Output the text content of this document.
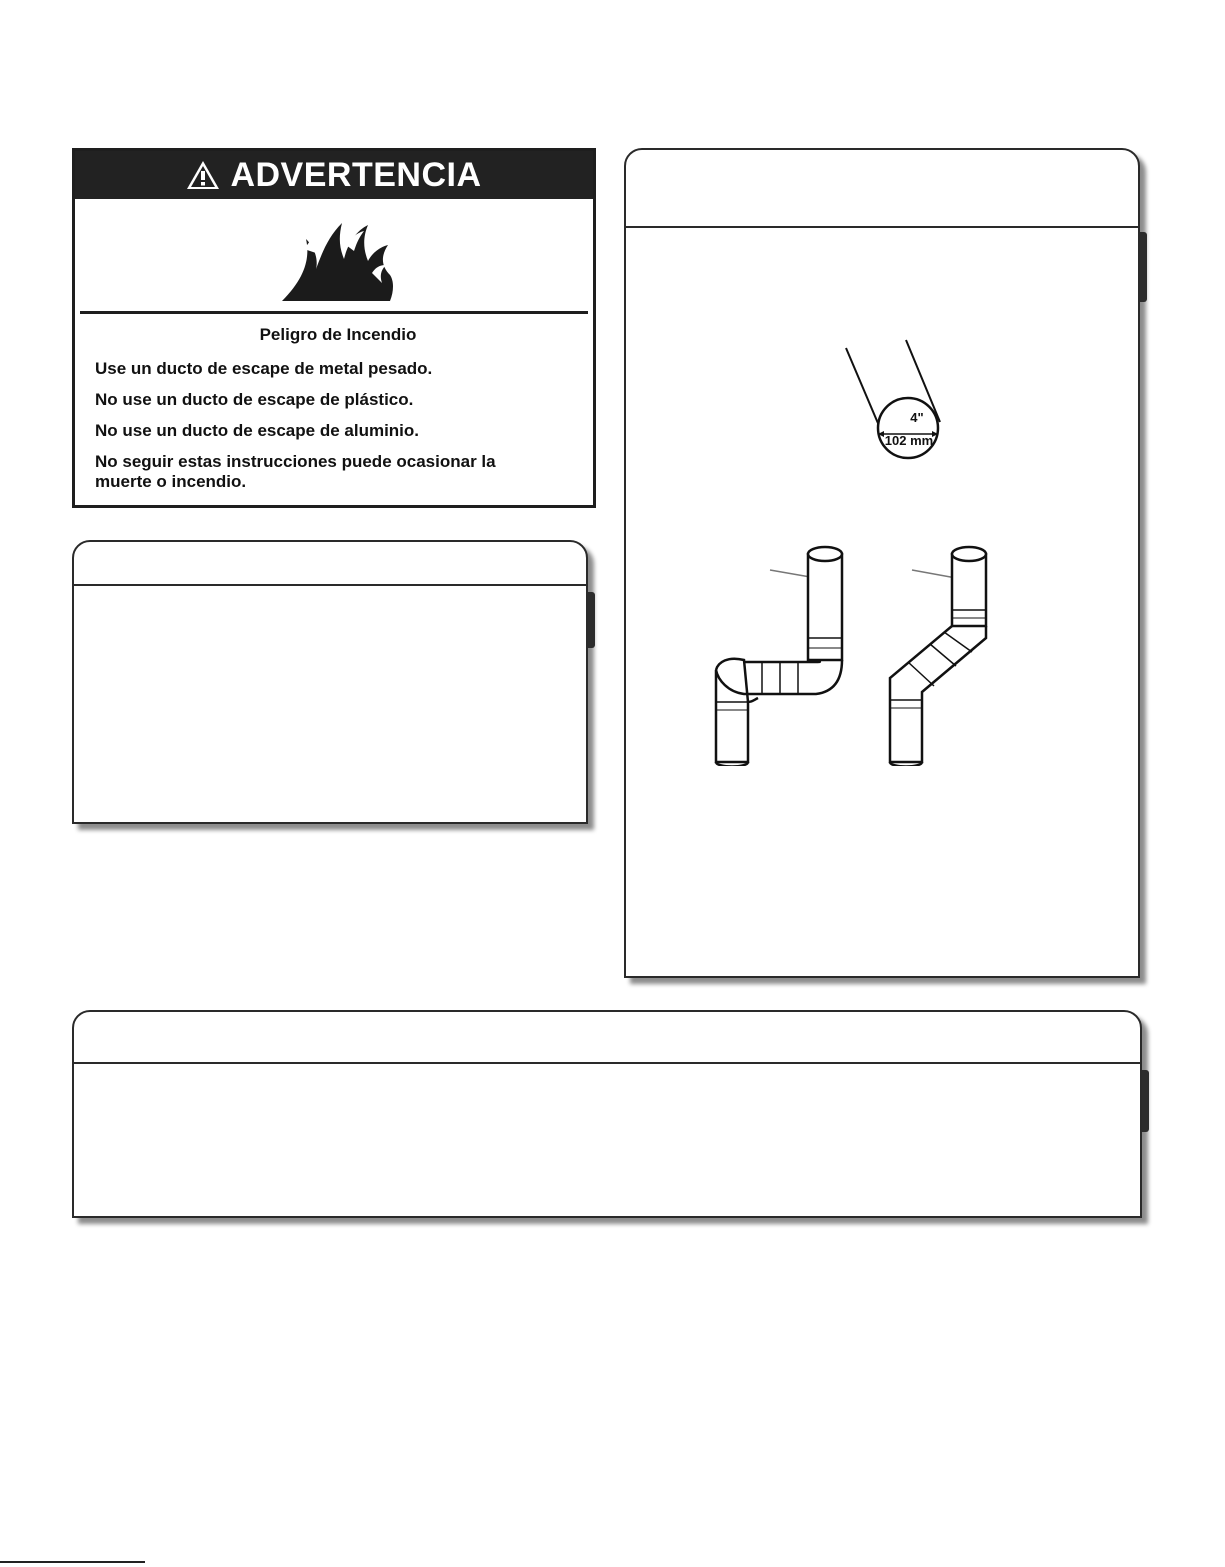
ADVERTENCIA
Peligro de Incendio

Use un ducto de escape de metal pesado.

No use un ducto de escape de plástico.

No use un ducto de escape de aluminio.

No seguir estas instrucciones puede ocasionar la muerte o incendio.

4"
102 mm
